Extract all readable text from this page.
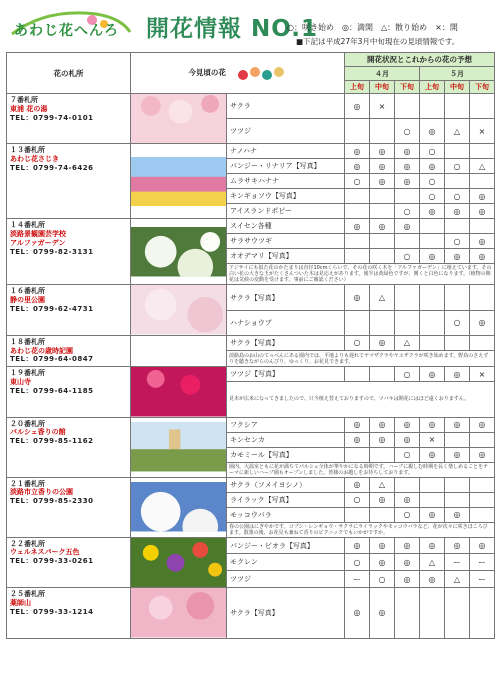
あわじ花へんろ 開花情報 NO.1
○：咲き始め　◎：満開　△：散り始め　×：開
■下記は平成27年3月中旬現在の見頃情報です。
花の札所	今見頃の花		開花状況とこれからの花の予想					
			４月			５月		
			上旬	中旬	下旬	上旬	中旬	下旬

７番札所
東浦 花の湯
TEL：0799-74-0101		サクラ	◎	×				
		ツツジ			○	◎	△	×

１３番札所
あわじ花さじき
TEL：0799-74-6426		ナノハナ	◎	◎	◎	○		
		パンジー・リナリア【写真】	◎	◎	◎	◎	○	△
		ムラサキハナナ	○	◎	◎	○		
		キンギョソウ【写真】				○	○	◎
		アイスランドポピー			○	◎	◎	◎

１４番札所
淡路景観園芸学校
アルファガーデン
TEL：0799-82-3131		スイセン各種	◎	◎	◎			
		サラサウツギ					○	◎
		オオデマリ【写真】			○	◎	◎	◎
		アジサイにも似た花のかたまりは直径10cmくらいで、その花の咲く木を「アルファガーデン」に植えています。その白い花の大きな玉がたくさんついた木は見応えがあります。後半は黄緑色ですが、開くと白色になります。（植物の開花は気候の変動を受けます。事前にご確認ください）						

１６番札所
静の里公園
TEL：0799-62-4731		サクラ【写真】	◎	△				
		ハナショウブ					○	◎

１８番札所
あわじ花の歳時記園
TEL：0799-64-0847		サクラ【写真】	○	◎	△			
		淡路島のお山のてっぺんにある園内では、平地よりも遅れてヤマザクラやヤエザクラが咲き始めます。野鳥のさえずりを聴きながらのんびり、ゆっくり、お花見できます。						

１９番札所
東山寺
TEL：0799-64-1185		ツツジ【写真】			○	◎	◎	×
		見本が広米になってきましたので、只今植え替えておりますので、ツバキは開花にはほど遠くおりますん。						

２０番札所
パルシェ香りの館
TEL：0799-85-1162		フクシア	◎	◎	◎	◎	◎	◎
		キンセンカ	◎	◎	◎	×		
		カモミール【写真】			○	◎	◎	◎
		園内、大温室ともに花が満ちてパルシェ全体が華やかになる時期です。ハーブに親しむ時期を長く楽しめることをテーマに新しいハーブ園もオープンしました。皆様のお越しをお待ちしております。						

２１番札所
淡路市立香りの公園
TEL：0799-85-2330		サクラ（ソメイヨシノ）	◎	△				
		ライラック【写真】	○	◎	◎			
		モッコウバラ			○	◎	◎	
		春の公園はにぎやかです。コブシ・レンギョウ・サクラにライラックやモッコウバラなど、花が次々に咲きほころびます。散策の後、お花見も兼ねて香りのピクニックでもいかがですか。						

２２番札所
ウェルネスパーク五色
TEL：0799-33-0261		パンジー・ビオラ【写真】	◎	◎	◎	◎	◎	◎
		モクレン	○	◎	◎	△	ー	ー
		ツツジ	ー	○	◎	◎	△	ー

２５番札所
薬師山
TEL：0799-33-1214		サクラ【写真】	◎	◎				
